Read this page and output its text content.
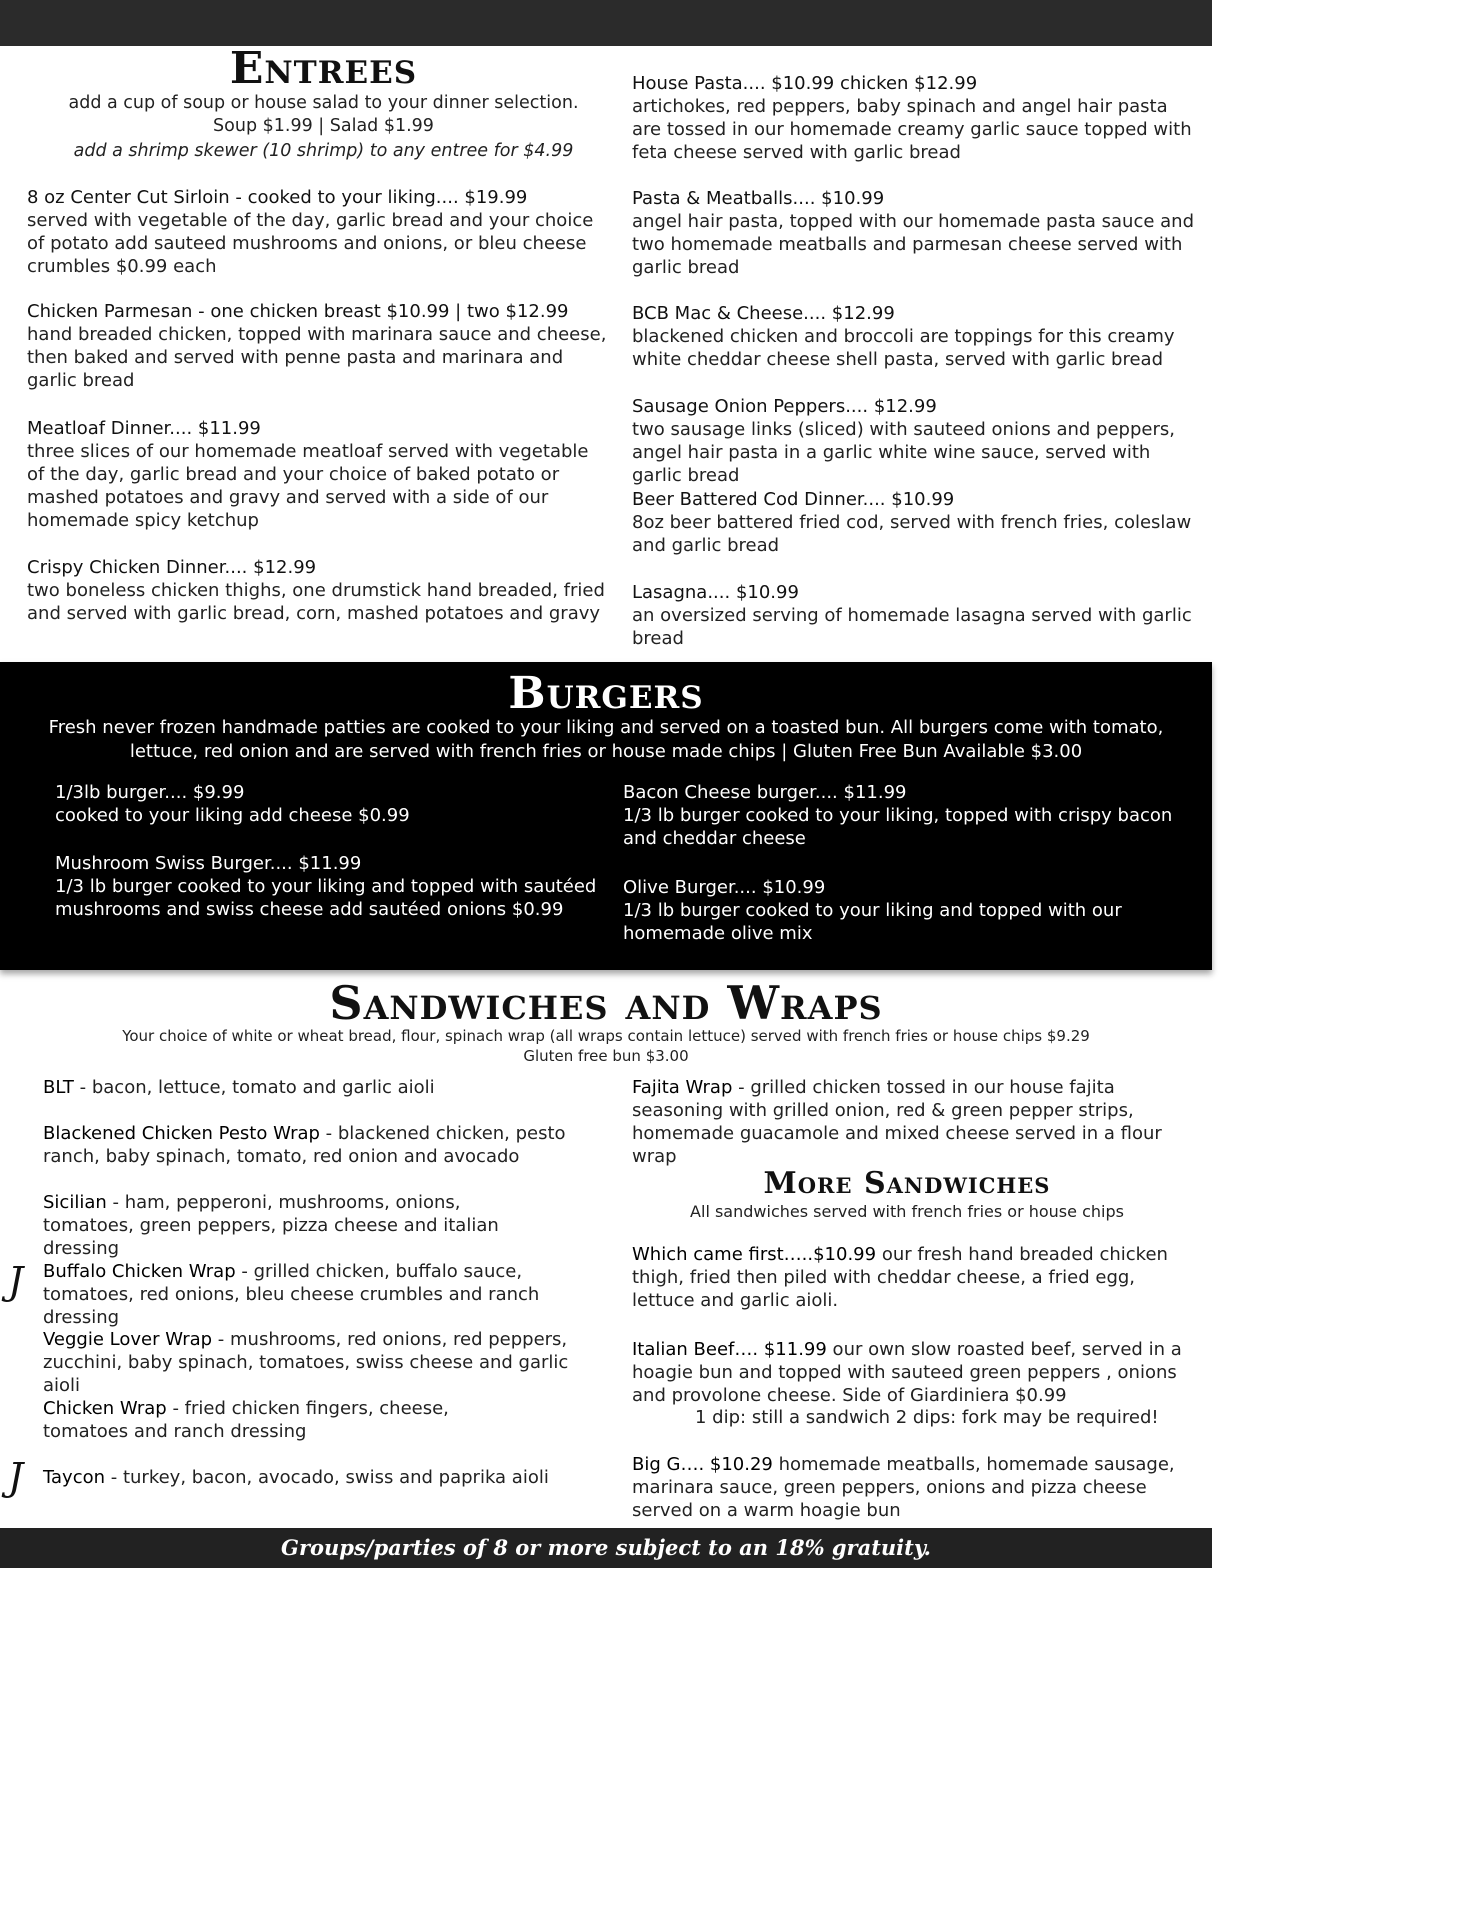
Entrees
add a cup of soup or house salad to your dinner selection.
Soup $1.99 | Salad $1.99
add a shrimp skewer (10 shrimp) to any entree for $4.99
8 oz Center Cut Sirloin - cooked to your liking.... $19.99
served with vegetable of the day, garlic bread and your choice of potato add sauteed mushrooms and onions, or bleu cheese crumbles $0.99 each
Chicken Parmesan - one chicken breast $10.99 | two $12.99
hand breaded chicken, topped with marinara sauce and cheese, then baked and served with penne pasta and marinara and garlic bread
Meatloaf Dinner.... $11.99
three slices of our homemade meatloaf served with vegetable of the day, garlic bread and your choice of baked potato or mashed potatoes and gravy and served with a side of our homemade spicy ketchup
Crispy Chicken Dinner.... $12.99
two boneless chicken thighs, one drumstick hand breaded, fried and served with garlic bread, corn, mashed potatoes and gravy
House Pasta.... $10.99 chicken $12.99
artichokes, red peppers, baby spinach and angel hair pasta are tossed in our homemade creamy garlic sauce topped with feta cheese served with garlic bread
Pasta & Meatballs.... $10.99
angel hair pasta, topped with our homemade pasta sauce and two homemade meatballs and parmesan cheese served with garlic bread
BCB Mac & Cheese.... $12.99
blackened chicken and broccoli are toppings for this creamy white cheddar cheese shell pasta, served with garlic bread
Sausage Onion Peppers.... $12.99
two sausage links (sliced) with sauteed onions and peppers, angel hair pasta in a garlic white wine sauce, served with garlic bread
Beer Battered Cod Dinner.... $10.99
8oz beer battered fried cod, served with french fries, coleslaw and garlic bread
Lasagna.... $10.99
an oversized serving of homemade lasagna served with garlic bread
Burgers
Fresh never frozen handmade patties are cooked to your liking and served on a toasted bun. All burgers come with tomato, lettuce, red onion and are served with french fries or house made chips | Gluten Free Bun Available $3.00
1/3lb burger.... $9.99
cooked to your liking add cheese $0.99
Mushroom Swiss Burger.... $11.99
1/3 lb burger cooked to your liking and topped with sautéed mushrooms and swiss cheese add sautéed onions $0.99
Bacon Cheese burger.... $11.99
1/3 lb burger cooked to your liking, topped with crispy bacon and cheddar cheese
Olive Burger.... $10.99
1/3 lb burger cooked to your liking and topped with our homemade olive mix
Sandwiches and Wraps
Your choice of white or wheat bread, flour, spinach wrap (all wraps contain lettuce) served with french fries or house chips $9.29
Gluten free bun $3.00
BLT - bacon, lettuce, tomato and garlic aioli
Blackened Chicken Pesto Wrap - blackened chicken, pesto ranch, baby spinach, tomato, red onion and avocado
Sicilian - ham, pepperoni, mushrooms, onions, tomatoes, green peppers, pizza cheese and italian dressing
J Buffalo Chicken Wrap - grilled chicken, buffalo sauce, tomatoes, red onions, bleu cheese crumbles and ranch dressing
Veggie Lover Wrap - mushrooms, red onions, red peppers, zucchini, baby spinach, tomatoes, swiss cheese and garlic aioli
Chicken Wrap - fried chicken fingers, cheese, tomatoes and ranch dressing
J Taycon - turkey, bacon, avocado, swiss and paprika aioli
Fajita Wrap - grilled chicken tossed in our house fajita seasoning with grilled onion, red & green pepper strips, homemade guacamole and mixed cheese served in a flour wrap
More Sandwiches
All sandwiches served with french fries or house chips
Which came first…..$10.99 our fresh hand breaded chicken thigh, fried then piled with cheddar cheese, a fried egg, lettuce and garlic aioli.
Italian Beef…. $11.99 our own slow roasted beef, served in a hoagie bun and topped with sauteed green peppers , onions and provolone cheese. Side of Giardiniera $0.99
1 dip: still a sandwich 2 dips: fork may be required!
Big G…. $10.29 homemade meatballs, homemade sausage, marinara sauce, green peppers, onions and pizza cheese served on a warm hoagie bun
Groups/parties of 8 or more subject to an 18% gratuity.
